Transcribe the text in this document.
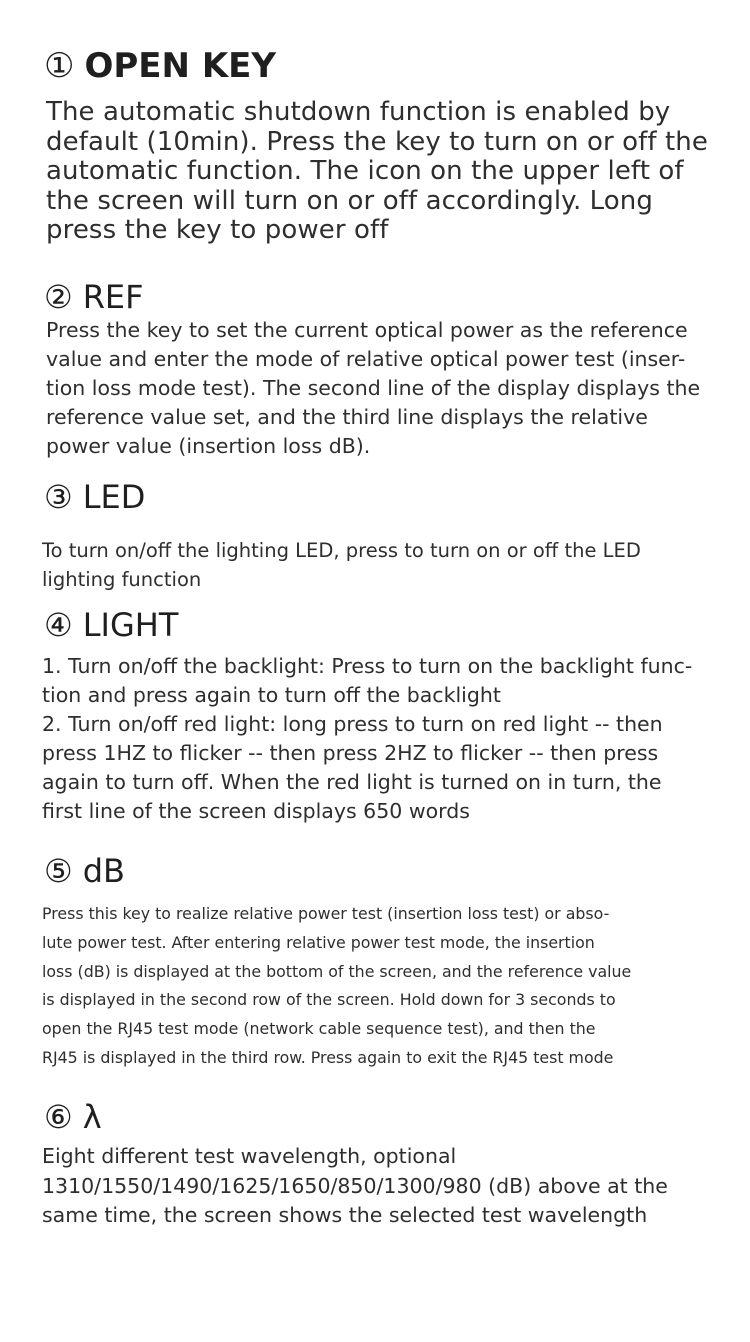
① OPEN KEY

The automatic shutdown function is enabled by
default (10min). Press the key to turn on or off the
automatic function. The icon on the upper left of
the screen will turn on or off accordingly. Long
press the key to power off

② REF

Press the key to set the current optical power as the reference
value and enter the mode of relative optical power test (inser-
tion loss mode test). The second line of the display displays the
reference value set, and the third line displays the relative
power value (insertion loss dB).

③ LED

To turn on/off the lighting LED, press to turn on or off the LED
lighting function

④ LIGHT

1. Turn on/off the backlight: Press to turn on the backlight func-
tion and press again to turn off the backlight
2. Turn on/off red light: long press to turn on red light -- then
press 1HZ to flicker -- then press 2HZ to flicker -- then press
again to turn off. When the red light is turned on in turn, the
first line of the screen displays 650 words

⑤ dB

Press this key to realize relative power test (insertion loss test) or abso-
lute power test. After entering relative power test mode, the insertion
loss (dB) is displayed at the bottom of the screen, and the reference value
is displayed in the second row of the screen. Hold down for 3 seconds to
open the RJ45 test mode (network cable sequence test), and then the
RJ45 is displayed in the third row. Press again to exit the RJ45 test mode

⑥ λ

Eight different test wavelength, optional
1310/1550/1490/1625/1650/850/1300/980 (dB) above at the
same time, the screen shows the selected test wavelength
